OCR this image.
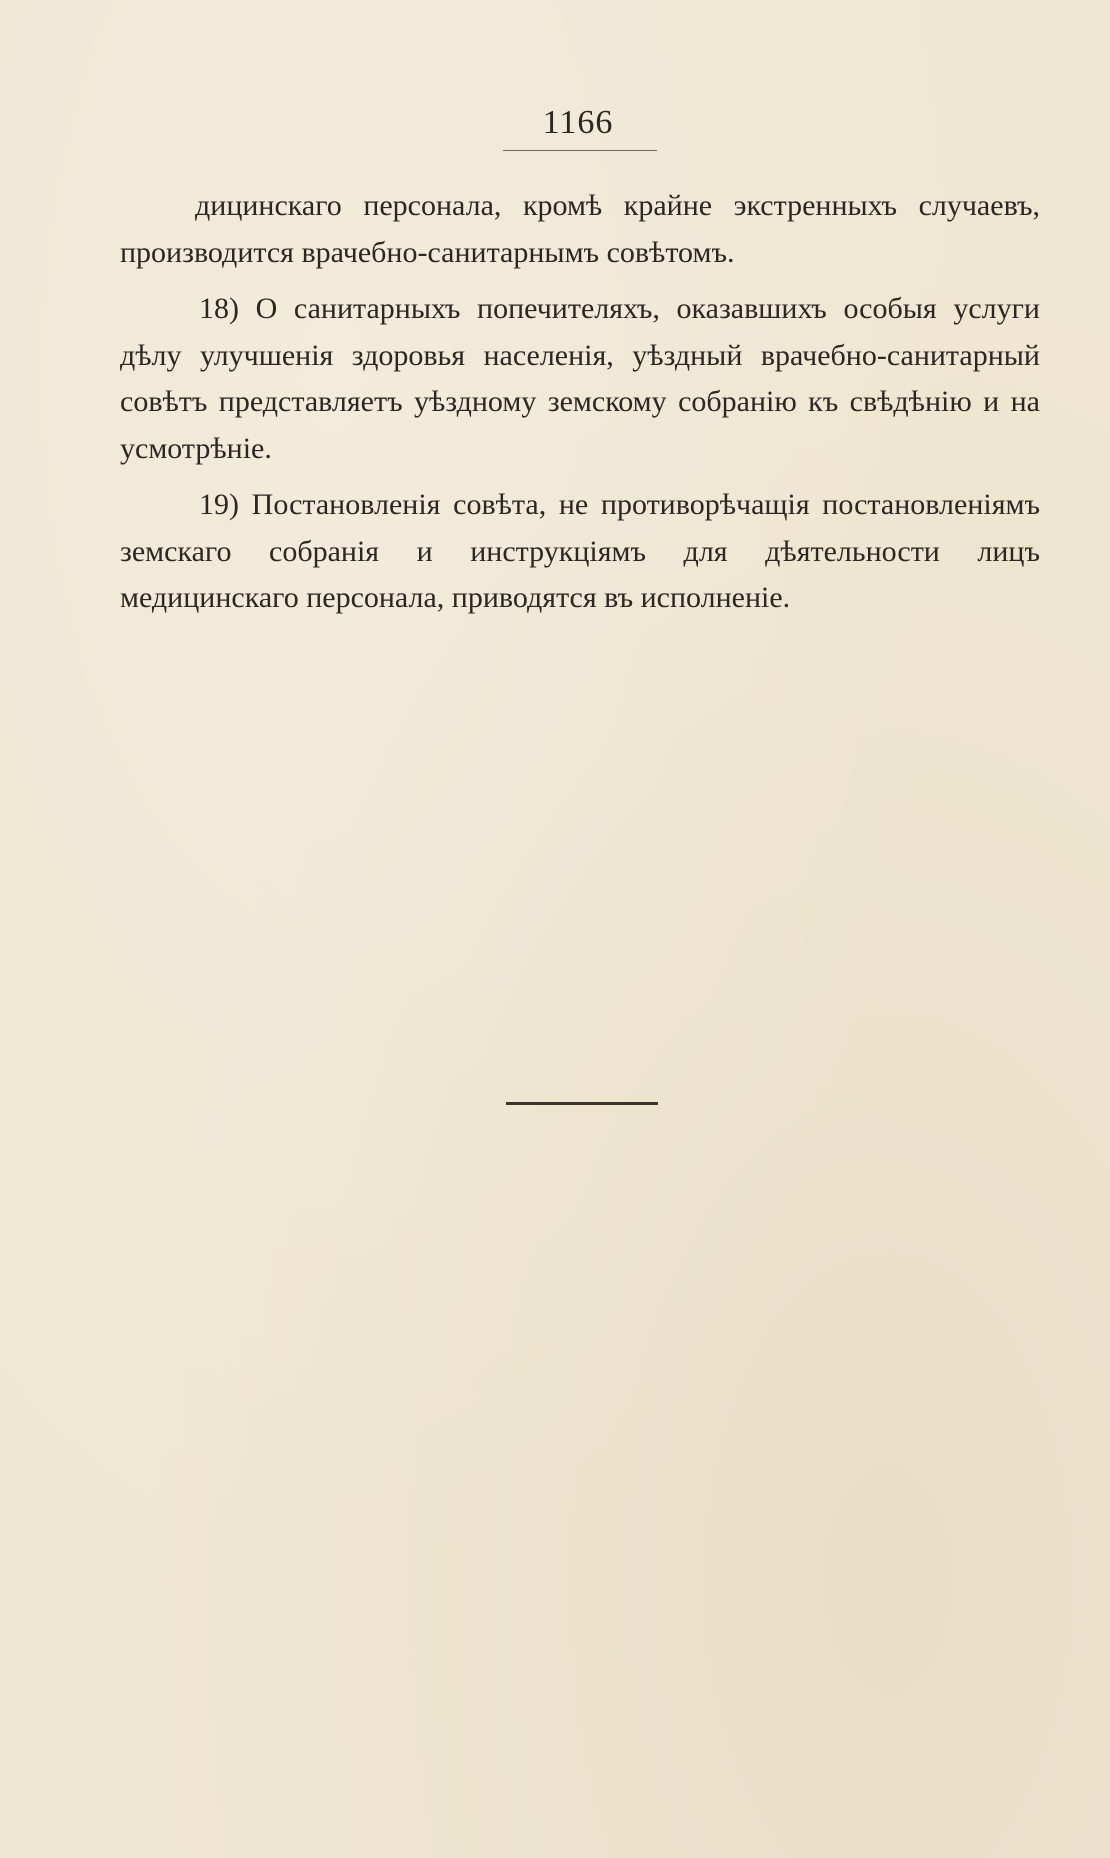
1166

дицинскаго персонала, кромѣ крайне экстренныхъ случаевъ, производится врачебно-санитарнымъ совѣтомъ.

18) О санитарныхъ попечителяхъ, оказавшихъ особыя услуги дѣлу улучшенія здоровья населенія, уѣздный врачебно-санитарный совѣтъ представляетъ уѣздному земскому собранію къ свѣдѣнію и на усмотрѣніе.

19) Постановленія совѣта, не противорѣчащія постановленіямъ земскаго собранія и инструкціямъ для дѣятельности лицъ медицинскаго персонала, приводятся въ исполненіе.
